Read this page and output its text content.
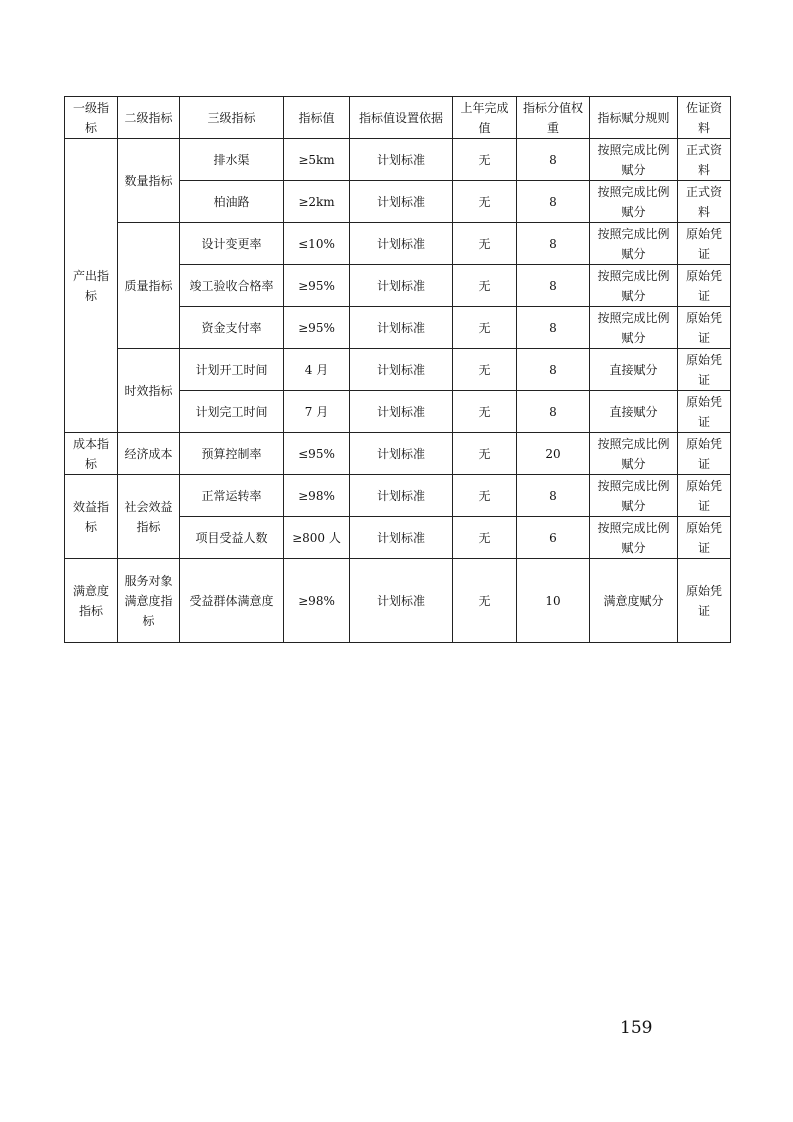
一级指标	二级指标	三级指标	指标值	指标值设置依据	上年完成值	指标分值权重	指标赋分规则	佐证资料
产出指标	数量指标	排水渠	≥5km	计划标准	无	8	按照完成比例赋分	正式资料
		柏油路	≥2km	计划标准	无	8	按照完成比例赋分	正式资料
	质量指标	设计变更率	≤10%	计划标准	无	8	按照完成比例赋分	原始凭证
		竣工验收合格率	≥95%	计划标准	无	8	按照完成比例赋分	原始凭证
		资金支付率	≥95%	计划标准	无	8	按照完成比例赋分	原始凭证
	时效指标	计划开工时间	4 月	计划标准	无	8	直接赋分	原始凭证
		计划完工时间	7 月	计划标准	无	8	直接赋分	原始凭证
成本指标	经济成本	预算控制率	≤95%	计划标准	无	20	按照完成比例赋分	原始凭证
效益指标	社会效益指标	正常运转率	≥98%	计划标准	无	8	按照完成比例赋分	原始凭证
		项目受益人数	≥800 人	计划标准	无	6	按照完成比例赋分	原始凭证
满意度指标	服务对象满意度指标	受益群体满意度	≥98%	计划标准	无	10	满意度赋分	原始凭证
159
